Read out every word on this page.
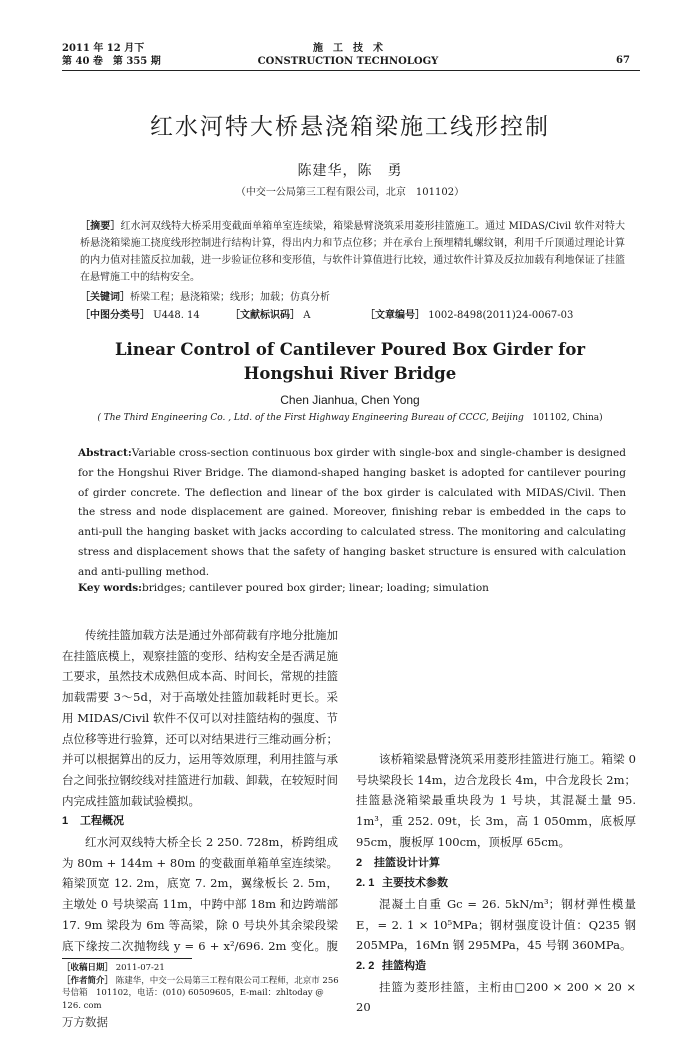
2011 年 12 月下
第 40 卷　第 355 期
施　工　技　术
CONSTRUCTION TECHNOLOGY	67
红水河特大桥悬浇箱梁施工线形控制
陈建华，陈　勇
（中交一公局第三工程有限公司，北京　101102）
［摘要］红水河双线特大桥采用变截面单箱单室连续梁，箱梁悬臂浇筑采用菱形挂篮施工。通过 MIDAS/Civil 软件对特大桥悬浇箱梁施工挠度线形控制进行结构计算，得出内力和节点位移；并在承台上预埋精轧螺纹钢，利用千斤顶通过理论计算的内力值对挂篮反拉加载，进一步验证位移和变形值，与软件计算值进行比较，通过软件计算及反拉加载有利地保证了挂篮在悬臂施工中的结构安全。
［关键词］桥梁工程；悬浇箱梁；线形；加载；仿真分析
［中图分类号］ U448. 14	［文献标识码］ A	［文章编号］ 1002-8498(2011)24-0067-03
Linear Control of Cantilever Poured Box Girder for
Hongshui River Bridge
Chen Jianhua, Chen Yong
( The Third Engineering Co. , Ltd. of the First Highway Engineering Bureau of CCCC, Beijing 101102, China)
Abstract:Variable cross-section continuous box girder with single-box and single-chamber is designed for the Hongshui River Bridge. The diamond-shaped hanging basket is adopted for cantilever pouring of girder concrete. The deflection and linear of the box girder is calculated with MIDAS/Civil. Then the stress and node displacement are gained. Moreover, finishing rebar is embedded in the caps to anti-pull the hanging basket with jacks according to calculated stress. The monitoring and calculating stress and displacement shows that the safety of hanging basket structure is ensured with calculation and anti-pulling method.
Key words:bridges; cantilever poured box girder; linear; loading; simulation

传统挂篮加载方法是通过外部荷载有序地分批施加在挂篮底模上，观察挂篮的变形、结构安全是否满足施工要求，虽然技术成熟但成本高、时间长，常规的挂篮加载需要 3～5d，对于高墩处挂篮加载耗时更长。采用 MIDAS/Civil 软件不仅可以对挂篮结构的强度、节点位移等进行验算，还可以对结果进行三维动画分析；并可以根据算出的反力，运用等效原理，利用挂篮与承台之间张拉钢绞线对挂篮进行加载、卸载，在较短时间内完成挂篮加载试验模拟。

1 工程概况

红水河双线特大桥全长 2 250. 728m，桥跨组成为 80m + 144m + 80m 的变截面单箱单室连续梁。箱梁顶宽 12. 2m，底宽 7. 2m，翼缘板长 2. 5m，主墩处 0 号块梁高 11m，中跨中部 18m 和边跨端部 17. 9m 梁段为 6m 等高梁，除 0 号块外其余梁段梁底下缘按二次抛物线 y = 6 + x²/696. 2m 变化。腹

该桥箱梁悬臂浇筑采用菱形挂篮进行施工。箱梁 0 号块梁段长 14m，边合龙段长 4m，中合龙段长 2m；挂篮悬浇箱梁最重块段为 1 号块，其混凝土量 95. 1m³，重 252. 09t，长 3m，高 1 050mm，底板厚 95cm，腹板厚 100cm，顶板厚 65cm。

2 挂篮设计计算

2. 1 主要技术参数

混凝土自重 Gc = 26. 5kN/m³；钢材弹性模量 E，= 2. 1 × 10⁵MPa；钢材强度设计值：Q235 钢 205MPa，16Mn 钢 295MPa，45 号钢 360MPa。

2. 2 挂篮构造

挂篮为菱形挂篮，主桁由□200 × 200 × 20 × 20

［收稿日期］ 2011-07-21
［作者简介］ 陈建华，中交一公局第三工程有限公司工程师，北京市 256 号信箱　101102，电话：(010) 60509605，E-mail：zhltoday @ 126. com
万方数据
